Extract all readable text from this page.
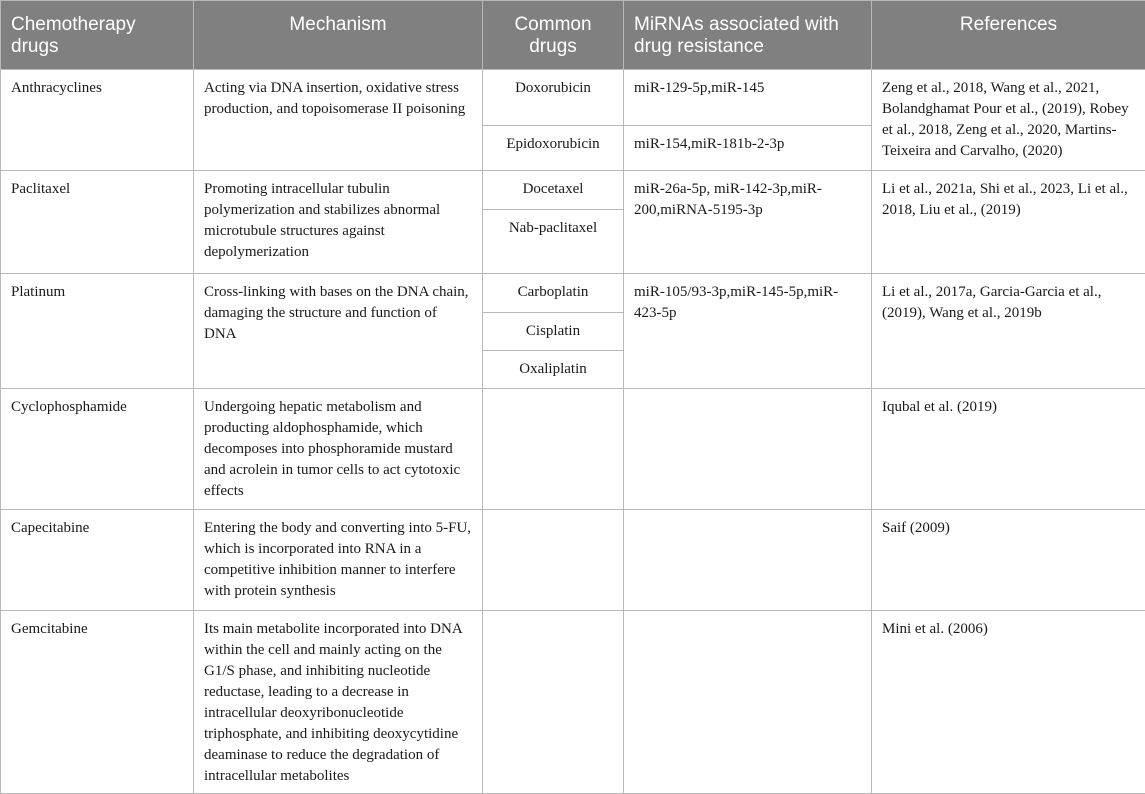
Chemotherapy drugs	Mechanism	Common drugs	MiRNAs associated with drug resistance	References
Anthracyclines	Acting via DNA insertion, oxidative stress production, and topoisomerase II poisoning	Doxorubicin	miR-129-5p,miR-145	Zeng et al., 2018, Wang et al., 2021, Bolandghamat Pour et al., (2019), Robey et al., 2018, Zeng et al., 2020, Martins-Teixeira and Carvalho, (2020)
		Epidoxorubicin	miR-154,miR-181b-2-3p	
Paclitaxel	Promoting intracellular tubulin polymerization and stabilizes abnormal microtubule structures against depolymerization	Docetaxel	miR-26a-5p, miR-142-3p,miR-200,miRNA-5195-3p	Li et al., 2021a, Shi et al., 2023, Li et al., 2018, Liu et al., (2019)
		Nab-paclitaxel		
Platinum	Cross-linking with bases on the DNA chain, damaging the structure and function of DNA	Carboplatin	miR-105/93-3p,miR-145-5p,miR-423-5p	Li et al., 2017a, Garcia-Garcia et al., (2019), Wang et al., 2019b
		Cisplatin		
		Oxaliplatin		
Cyclophosphamide	Undergoing hepatic metabolism and producting aldophosphamide, which decomposes into phosphoramide mustard and acrolein in tumor cells to act cytotoxic effects			Iqubal et al. (2019)
Capecitabine	Entering the body and converting into 5-FU, which is incorporated into RNA in a competitive inhibition manner to interfere with protein synthesis			Saif (2009)
Gemcitabine	Its main metabolite incorporated into DNA within the cell and mainly acting on the G1/S phase, and inhibiting nucleotide reductase, leading to a decrease in intracellular deoxyribonucleotide triphosphate, and inhibiting deoxycytidine deaminase to reduce the degradation of intracellular metabolites			Mini et al. (2006)
